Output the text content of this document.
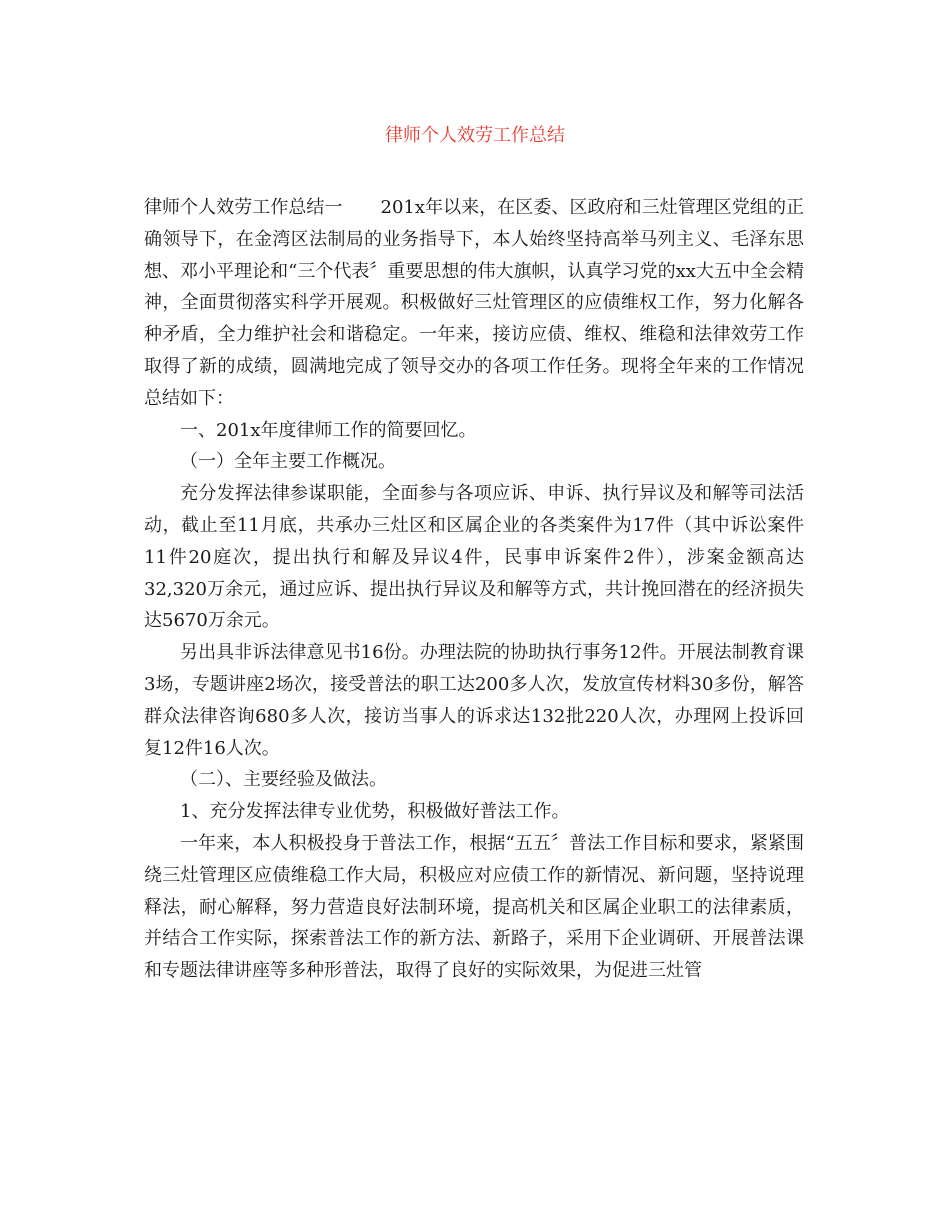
律师个人效劳工作总结

律师个人效劳工作总结一 201x年以来，在区委、区政府和三灶管理区党组的正确领导下，在金湾区法制局的业务指导下，本人始终坚持高举马列主义、毛泽东思想、邓小平理论和“三个代表〞重要思想的伟大旗帜，认真学习党的xx大五中全会精神，全面贯彻落实科学开展观。积极做好三灶管理区的应债维权工作，努力化解各种矛盾，全力维护社会和谐稳定。一年来，接访应债、维权、维稳和法律效劳工作取得了新的成绩，圆满地完成了领导交办的各项工作任务。现将全年来的工作情况总结如下：

一、201x年度律师工作的简要回忆。

（一）全年主要工作概况。

充分发挥法律参谋职能，全面参与各项应诉、申诉、执行异议及和解等司法活动，截止至11月底，共承办三灶区和区属企业的各类案件为17件（其中诉讼案件11件20庭次，提出执行和解及异议4件，民事申诉案件2件），涉案金额高达32,320万余元，通过应诉、提出执行异议及和解等方式，共计挽回潜在的经济损失达5670万余元。

另出具非诉法律意见书16份。办理法院的协助执行事务12件。开展法制教育课3场，专题讲座2场次，接受普法的职工达200多人次，发放宣传材料30多份，解答群众法律咨询680多人次，接访当事人的诉求达132批220人次，办理网上投诉回复12件16人次。

（二）、主要经验及做法。

1、充分发挥法律专业优势，积极做好普法工作。

一年来，本人积极投身于普法工作，根据“五五〞普法工作目标和要求，紧紧围绕三灶管理区应债维稳工作大局，积极应对应债工作的新情况、新问题，坚持说理释法，耐心解释，努力营造良好法制环境，提高机关和区属企业职工的法律素质，并结合工作实际，探索普法工作的新方法、新路子，采用下企业调研、开展普法课和专题法律讲座等多种形普法，取得了良好的实际效果，为促进三灶管
